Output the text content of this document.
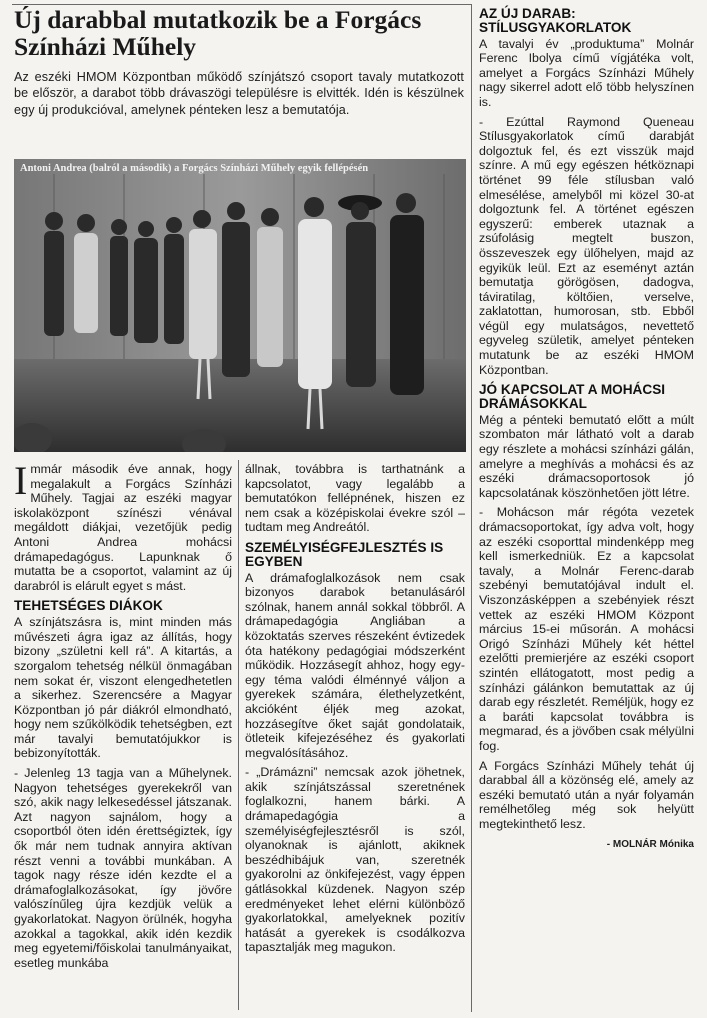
Új darabbal mutatkozik be a Forgács Színházi Műhely

Az eszéki HMOM Központban működő színjátszó csoport tavaly mutatkozott be először, a darabot több drávaszögi településre is elvitték. Idén is készülnek egy új produkcióval, amelynek pénteken lesz a bemutatója.

Antoni Andrea (balról a második) a Forgács Színházi Műhely egyik fellépésén

Immár második éve annak, hogy megalakult a Forgács Színházi Műhely. Tagjai az eszéki magyar iskolaközpont színészi vénával megáldott diákjai, vezetőjük pedig Antoni Andrea mohácsi drámapedagógus. Lapunknak ő mutatta be a csoportot, valamint az új darabról is elárult egyet s mást.

TEHETSÉGES DIÁKOK

A színjátszásra is, mint minden más művészeti ágra igaz az állítás, hogy bizony „születni kell rá”. A kitartás, a szorgalom tehetség nélkül önmagában nem sokat ér, viszont elengedhetetlen a sikerhez. Szerencsére a Magyar Központban jó pár diákról elmondható, hogy nem szűkölködik tehetségben, ezt már tavalyi bemutatójukkor is bebizonyították.

- Jelenleg 13 tagja van a Műhelynek. Nagyon tehetséges gyerekekről van szó, akik nagy lelkesedéssel játszanak. Azt nagyon sajnálom, hogy a csoportból öten idén érettségiztek, így ők már nem tudnak annyira aktívan részt venni a további munkában. A tagok nagy része idén kezdte el a drámafoglalkozásokat, így jövőre valószínűleg újra kezdjük velük a gyakorlatokat. Nagyon örülnék, hogyha azokkal a tagokkal, akik idén kezdik meg egyetemi/főiskolai tanulmányaikat, esetleg munkába

állnak, továbbra is tarthatnánk a kapcsolatot, vagy legalább a bemutatókon fellépnének, hiszen ez nem csak a középiskolai évekre szól – tudtam meg Andreától.

SZEMÉLYISÉGFEJLESZTÉS IS EGYBEN

A drámafoglalkozások nem csak bizonyos darabok betanulásáról szólnak, hanem annál sokkal többről. A drámapedagógia Angliában a közoktatás szerves részeként évtizedek óta hatékony pedagógiai módszerként működik. Hozzásegít ahhoz, hogy egy-egy téma valódi élménnyé váljon a gyerekek számára, élethelyzetként, akcióként éljék meg azokat, hozzásegítve őket saját gondolataik, ötleteik kifejezéséhez és gyakorlati megvalósításához.

- „Drámázni” nemcsak azok jöhetnek, akik színjátszással szeretnének foglalkozni, hanem bárki. A drámapedagógia a személyiségfejlesztésről is szól, olyanoknak is ajánlott, akiknek beszédhibájuk van, szeretnék gyakorolni az önkifejezést, vagy éppen gátlásokkal küzdenek. Nagyon szép eredményeket lehet elérni különböző gyakorlatokkal, amelyeknek pozitív hatását a gyerekek is csodálkozva tapasztalják meg magukon.

AZ ÚJ DARAB: STÍLUSGYAKORLATOK

A tavalyi év „produktuma” Molnár Ferenc Ibolya című vígjátéka volt, amelyet a Forgács Színházi Műhely nagy sikerrel adott elő több helyszínen is.

- Ezúttal Raymond Queneau Stílusgyakorlatok című darabját dolgoztuk fel, és ezt visszük majd színre. A mű egy egészen hétköznapi történet 99 féle stílusban való elmesélése, amelyből mi közel 30-at dolgoztunk fel. A történet egészen egyszerű: emberek utaznak a zsúfolásig megtelt buszon, összeveszek egy ülőhelyen, majd az egyikük leül. Ezt az eseményt aztán bemutatja görögösen, dadogva, táviratilag, költőien, verselve, zaklatottan, humorosan, stb. Ebből végül egy mulatságos, nevettető egyveleg születik, amelyet pénteken mutatunk be az eszéki HMOM Központban.

JÓ KAPCSOLAT A MOHÁCSI DRÁMÁSOKKAL

Még a pénteki bemutató előtt a múlt szombaton már látható volt a darab egy részlete a mohácsi színházi gálán, amelyre a meghívás a mohácsi és az eszéki drámacsoportosok jó kapcsolatának köszönhetően jött létre.

- Mohácson már régóta vezetek drámacsoportokat, így adva volt, hogy az eszéki csoporttal mindenképp meg kell ismerkedniük. Ez a kapcsolat tavaly, a Molnár Ferenc-darab szebényi bemutatójával indult el. Viszonzásképpen a szebényiek részt vettek az eszéki HMOM Központ március 15-ei műsorán. A mohácsi Origó Színházi Műhely két héttel ezelőtti premierjére az eszéki csoport szintén ellátogatott, most pedig a színházi gálánkon bemutattak az új darab egy részletét. Reméljük, hogy ez a baráti kapcsolat továbbra is megmarad, és a jövőben csak mélyülni fog.

A Forgács Színházi Műhely tehát új darabbal áll a közönség elé, amely az eszéki bemutató után a nyár folyamán remélhetőleg még sok helyütt megtekinthető lesz.

- MOLNÁR Mónika
